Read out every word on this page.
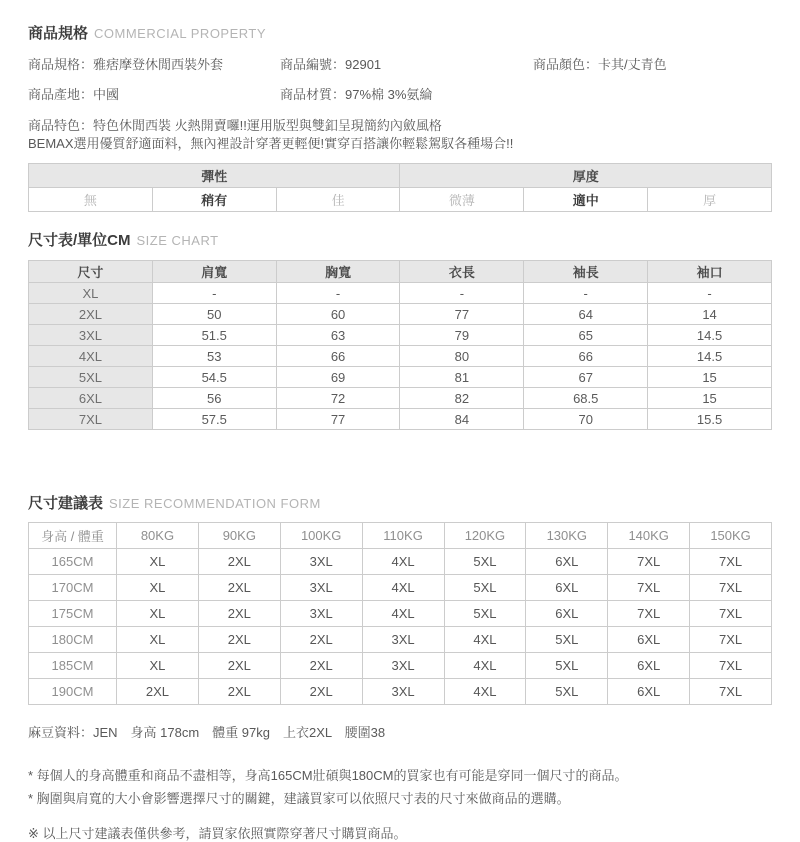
商品規格 COMMERCIAL PROPERTY
商品規格：雅痞摩登休閒西裝外套	商品編號：92901	商品顏色：卡其/丈青色
商品產地：中國	商品材質：97%棉 3%氨綸
商品特色：特色休閒西裝 火熱開賣囉!!運用版型與雙釦呈現簡約內斂風格
BEMAX選用優質舒適面料，無內裡設計穿著更輕便!實穿百搭讓你輕鬆駕馭各種場合!!
彈性			厚度		
無	稍有	佳	微薄	適中	厚
尺寸表/單位CM SIZE CHART
尺寸	肩寬	胸寬	衣長	袖長	袖口
XL	-	-	-	-	-
2XL	50	60	77	64	14
3XL	51.5	63	79	65	14.5
4XL	53	66	80	66	14.5
5XL	54.5	69	81	67	15
6XL	56	72	82	68.5	15
7XL	57.5	77	84	70	15.5
尺寸建議表 SIZE RECOMMENDATION FORM
身高 / 體重	80KG	90KG	100KG	110KG	120KG	130KG	140KG	150KG
165CM	XL	2XL	3XL	4XL	5XL	6XL	7XL	7XL
170CM	XL	2XL	3XL	4XL	5XL	6XL	7XL	7XL
175CM	XL	2XL	3XL	4XL	5XL	6XL	7XL	7XL
180CM	XL	2XL	2XL	3XL	4XL	5XL	6XL	7XL
185CM	XL	2XL	2XL	3XL	4XL	5XL	6XL	7XL
190CM	2XL	2XL	2XL	3XL	4XL	5XL	6XL	7XL
麻豆資料：JEN　身高 178cm　體重 97kg　上衣2XL　腰圍38
* 每個人的身高體重和商品不盡相等，身高165CM壯碩與180CM的買家也有可能是穿同一個尺寸的商品。
* 胸圍與肩寬的大小會影響選擇尺寸的關鍵，建議買家可以依照尺寸表的尺寸來做商品的選購。
※ 以上尺寸建議表僅供參考，請買家依照實際穿著尺寸購買商品。
